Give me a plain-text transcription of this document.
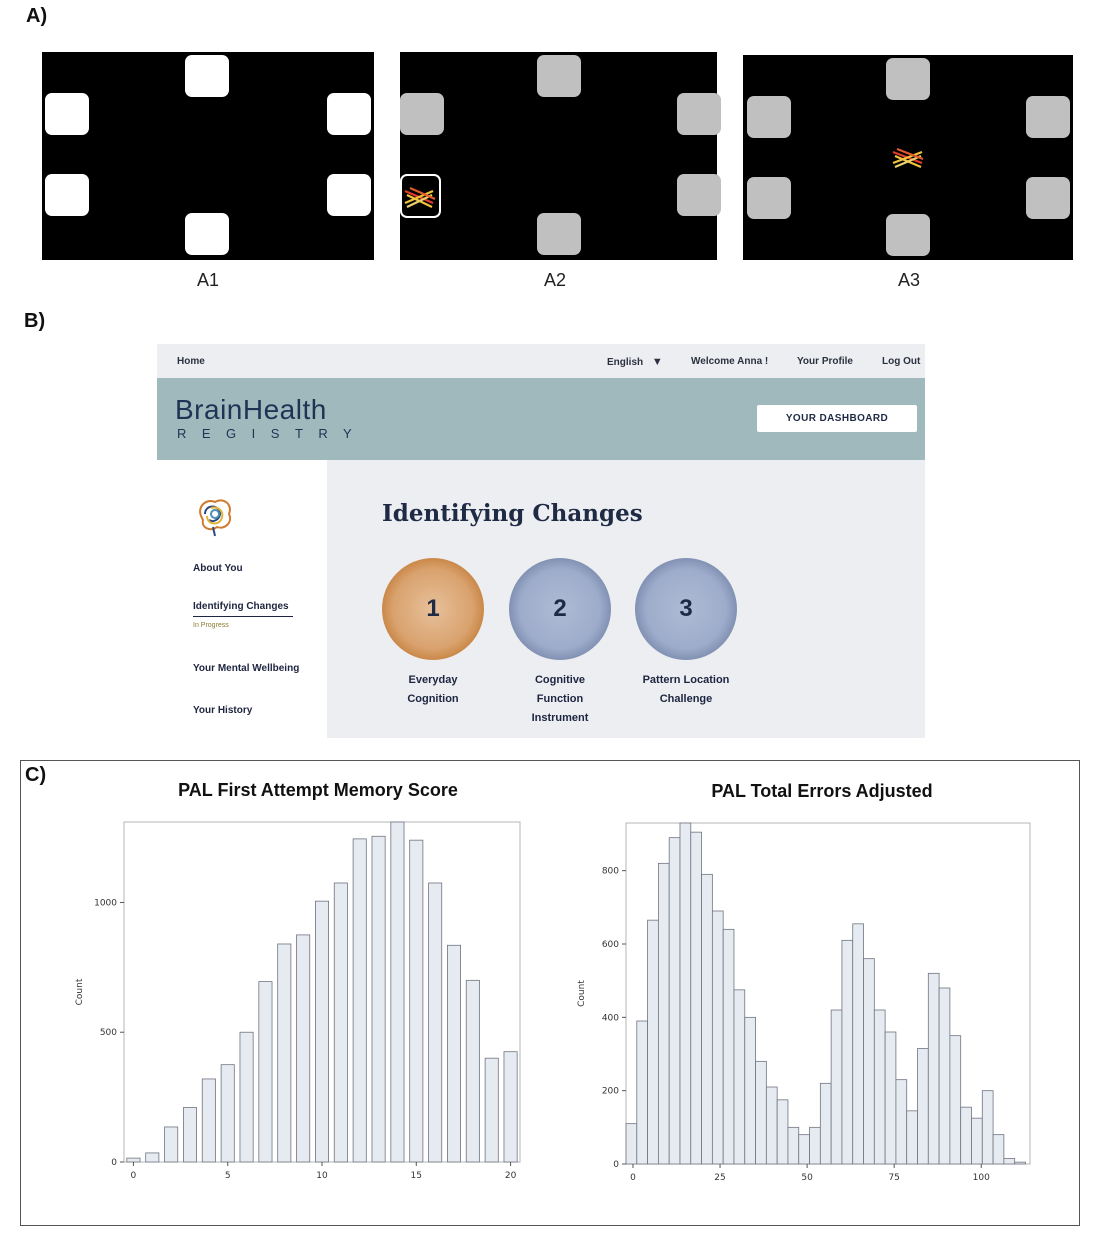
A)
A1	A2	A3
B)
Home	English ▼	Welcome Anna !	Your Profile	Log Out
BrainHealth
REGISTRY
YOUR DASHBOARD
About You
Identifying Changes
In Progress
Your Mental Wellbeing
Your History
Identifying Changes
1
Everyday
Cognition
2
Cognitive
Function
Instrument
3
Pattern Location
Challenge
C)
PAL First Attempt Memory Score	PAL Total Errors Adjusted
0	5	10	15	20
0
500
1000
Count
0	25	50	75	100
0
200
400
600
800
Count
